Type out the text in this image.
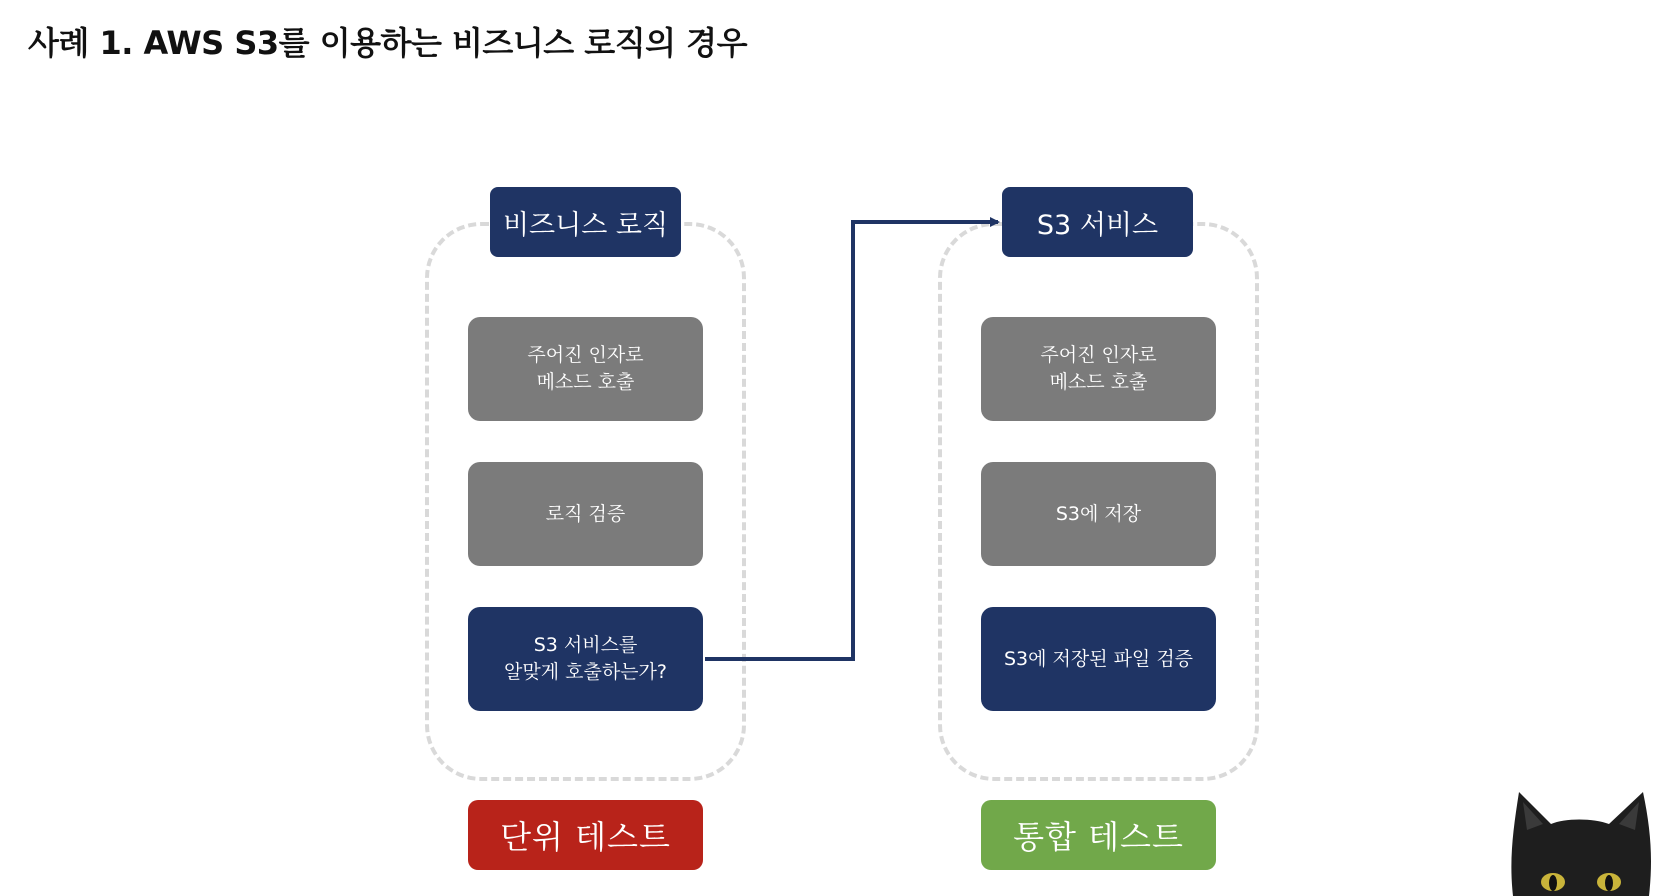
사례 1. AWS S3를 이용하는 비즈니스 로직의 경우
비즈니스 로직
주어진 인자로
메소드 호출
로직 검증
S3 서비스를
알맞게 호출하는가?
단위 테스트
S3 서비스
주어진 인자로
메소드 호출
S3에 저장
S3에 저장된 파일 검증
통합 테스트
